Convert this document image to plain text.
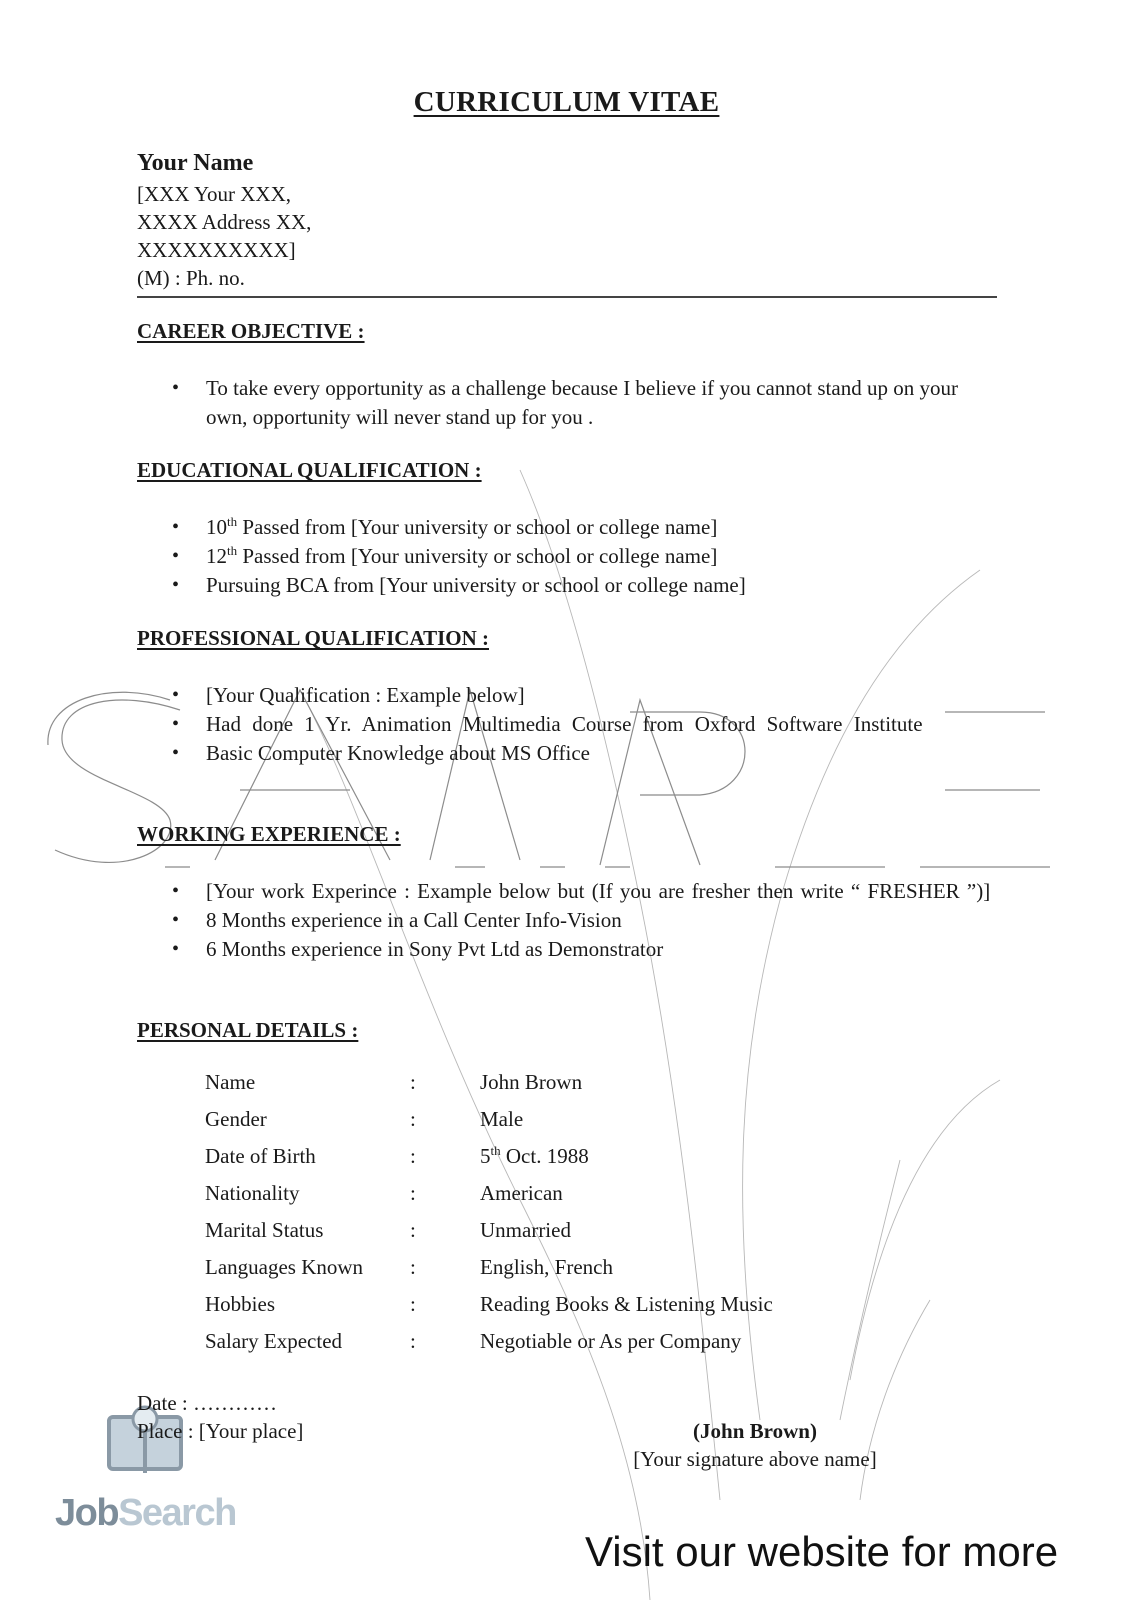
CURRICULUM VITAE
Your Name
[XXX Your XXX,
XXXX Address XX,
XXXXXXXXXX]
(M) : Ph. no.
CAREER OBJECTIVE :
• To take every opportunity as a challenge because I believe if you cannot stand up on your own, opportunity will never stand up for you .
EDUCATIONAL QUALIFICATION :
• 10th Passed from [Your university or school or college name]
• 12th Passed from [Your university or school or college name]
• Pursuing BCA from [Your university or school or college name]
PROFESSIONAL QUALIFICATION :
• [Your Qualification : Example below]
• Had done 1 Yr. Animation Multimedia Course from Oxford Software Institute
• Basic Computer Knowledge about MS Office
WORKING EXPERIENCE :
• [Your work Experince : Example below but (If you are fresher then write “ FRESHER ”)]
• 8 Months experience in a Call Center Info-Vision
• 6 Months experience in Sony Pvt Ltd as Demonstrator
PERSONAL DETAILS :
Name	:	John Brown
Gender	:	Male
Date of Birth	:	5th Oct. 1988
Nationality	:	American
Marital Status	:	Unmarried
Languages Known	:	English, French
Hobbies	:	Reading Books & Listening Music
Salary Expected	:	Negotiable or As per Company
JobSearch
Date : …………
Place : [Your place]	(John Brown)
[Your signature above name]
Visit our website for more
